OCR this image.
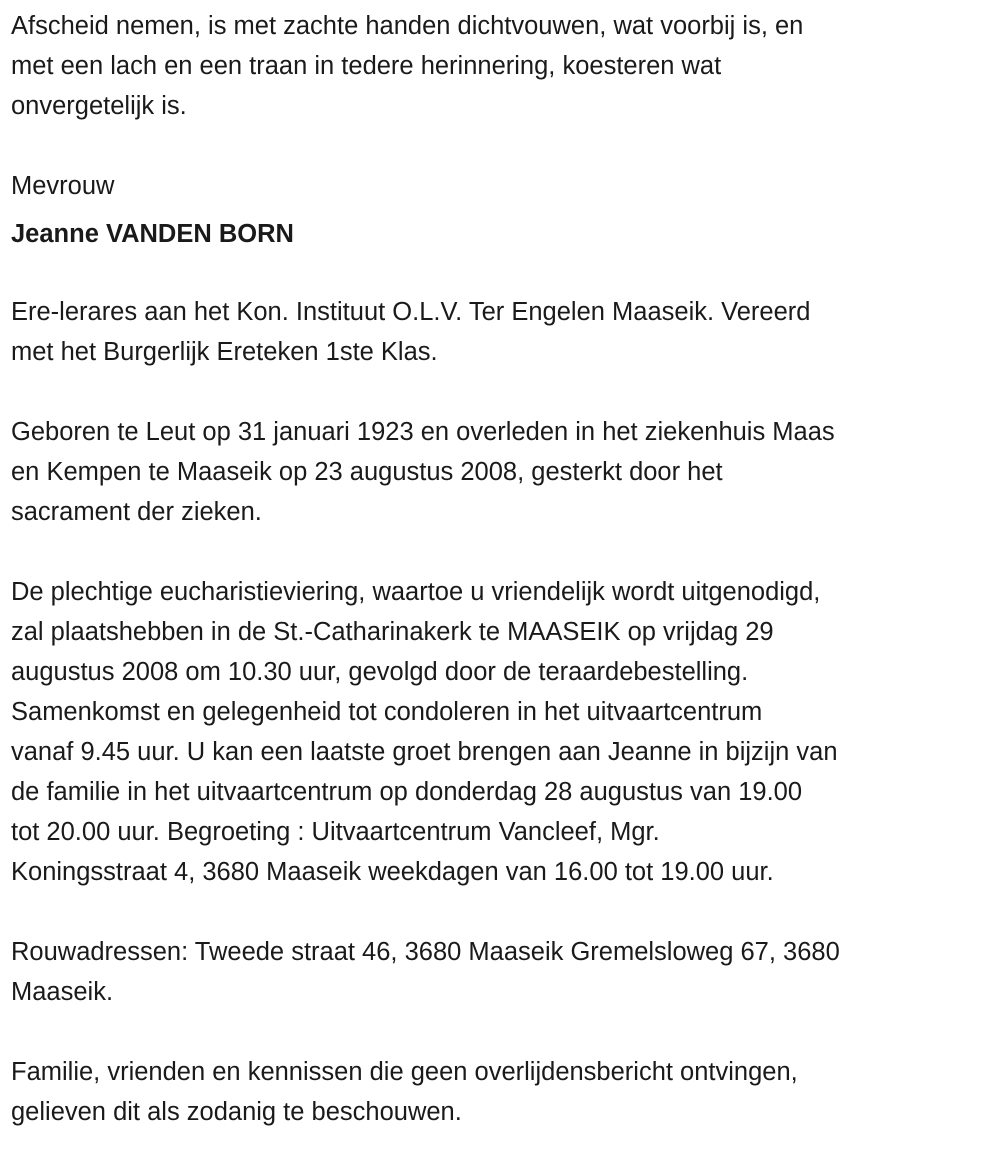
Afscheid nemen, is met zachte handen dichtvouwen, wat voorbij is, en
met een lach en een traan in tedere herinnering, koesteren wat
onvergetelijk is.
Mevrouw
Jeanne VANDEN BORN
Ere-lerares aan het Kon. Instituut O.L.V. Ter Engelen Maaseik. Vereerd
met het Burgerlijk Ereteken 1ste Klas.
Geboren te Leut op 31 januari 1923 en overleden in het ziekenhuis Maas
en Kempen te Maaseik op 23 augustus 2008, gesterkt door het
sacrament der zieken.
De plechtige eucharistieviering, waartoe u vriendelijk wordt uitgenodigd,
zal plaatshebben in de St.-Catharinakerk te MAASEIK op vrijdag 29
augustus 2008 om 10.30 uur, gevolgd door de teraardebestelling.
Samenkomst en gelegenheid tot condoleren in het uitvaartcentrum
vanaf 9.45 uur. U kan een laatste groet brengen aan Jeanne in bijzijn van
de familie in het uitvaartcentrum op donderdag 28 augustus van 19.00
tot 20.00 uur. Begroeting : Uitvaartcentrum Vancleef, Mgr.
Koningsstraat 4, 3680 Maaseik weekdagen van 16.00 tot 19.00 uur.
Rouwadressen: Tweede straat 46, 3680 Maaseik Gremelsloweg 67, 3680
Maaseik.
Familie, vrienden en kennissen die geen overlijdensbericht ontvingen,
gelieven dit als zodanig te beschouwen.
